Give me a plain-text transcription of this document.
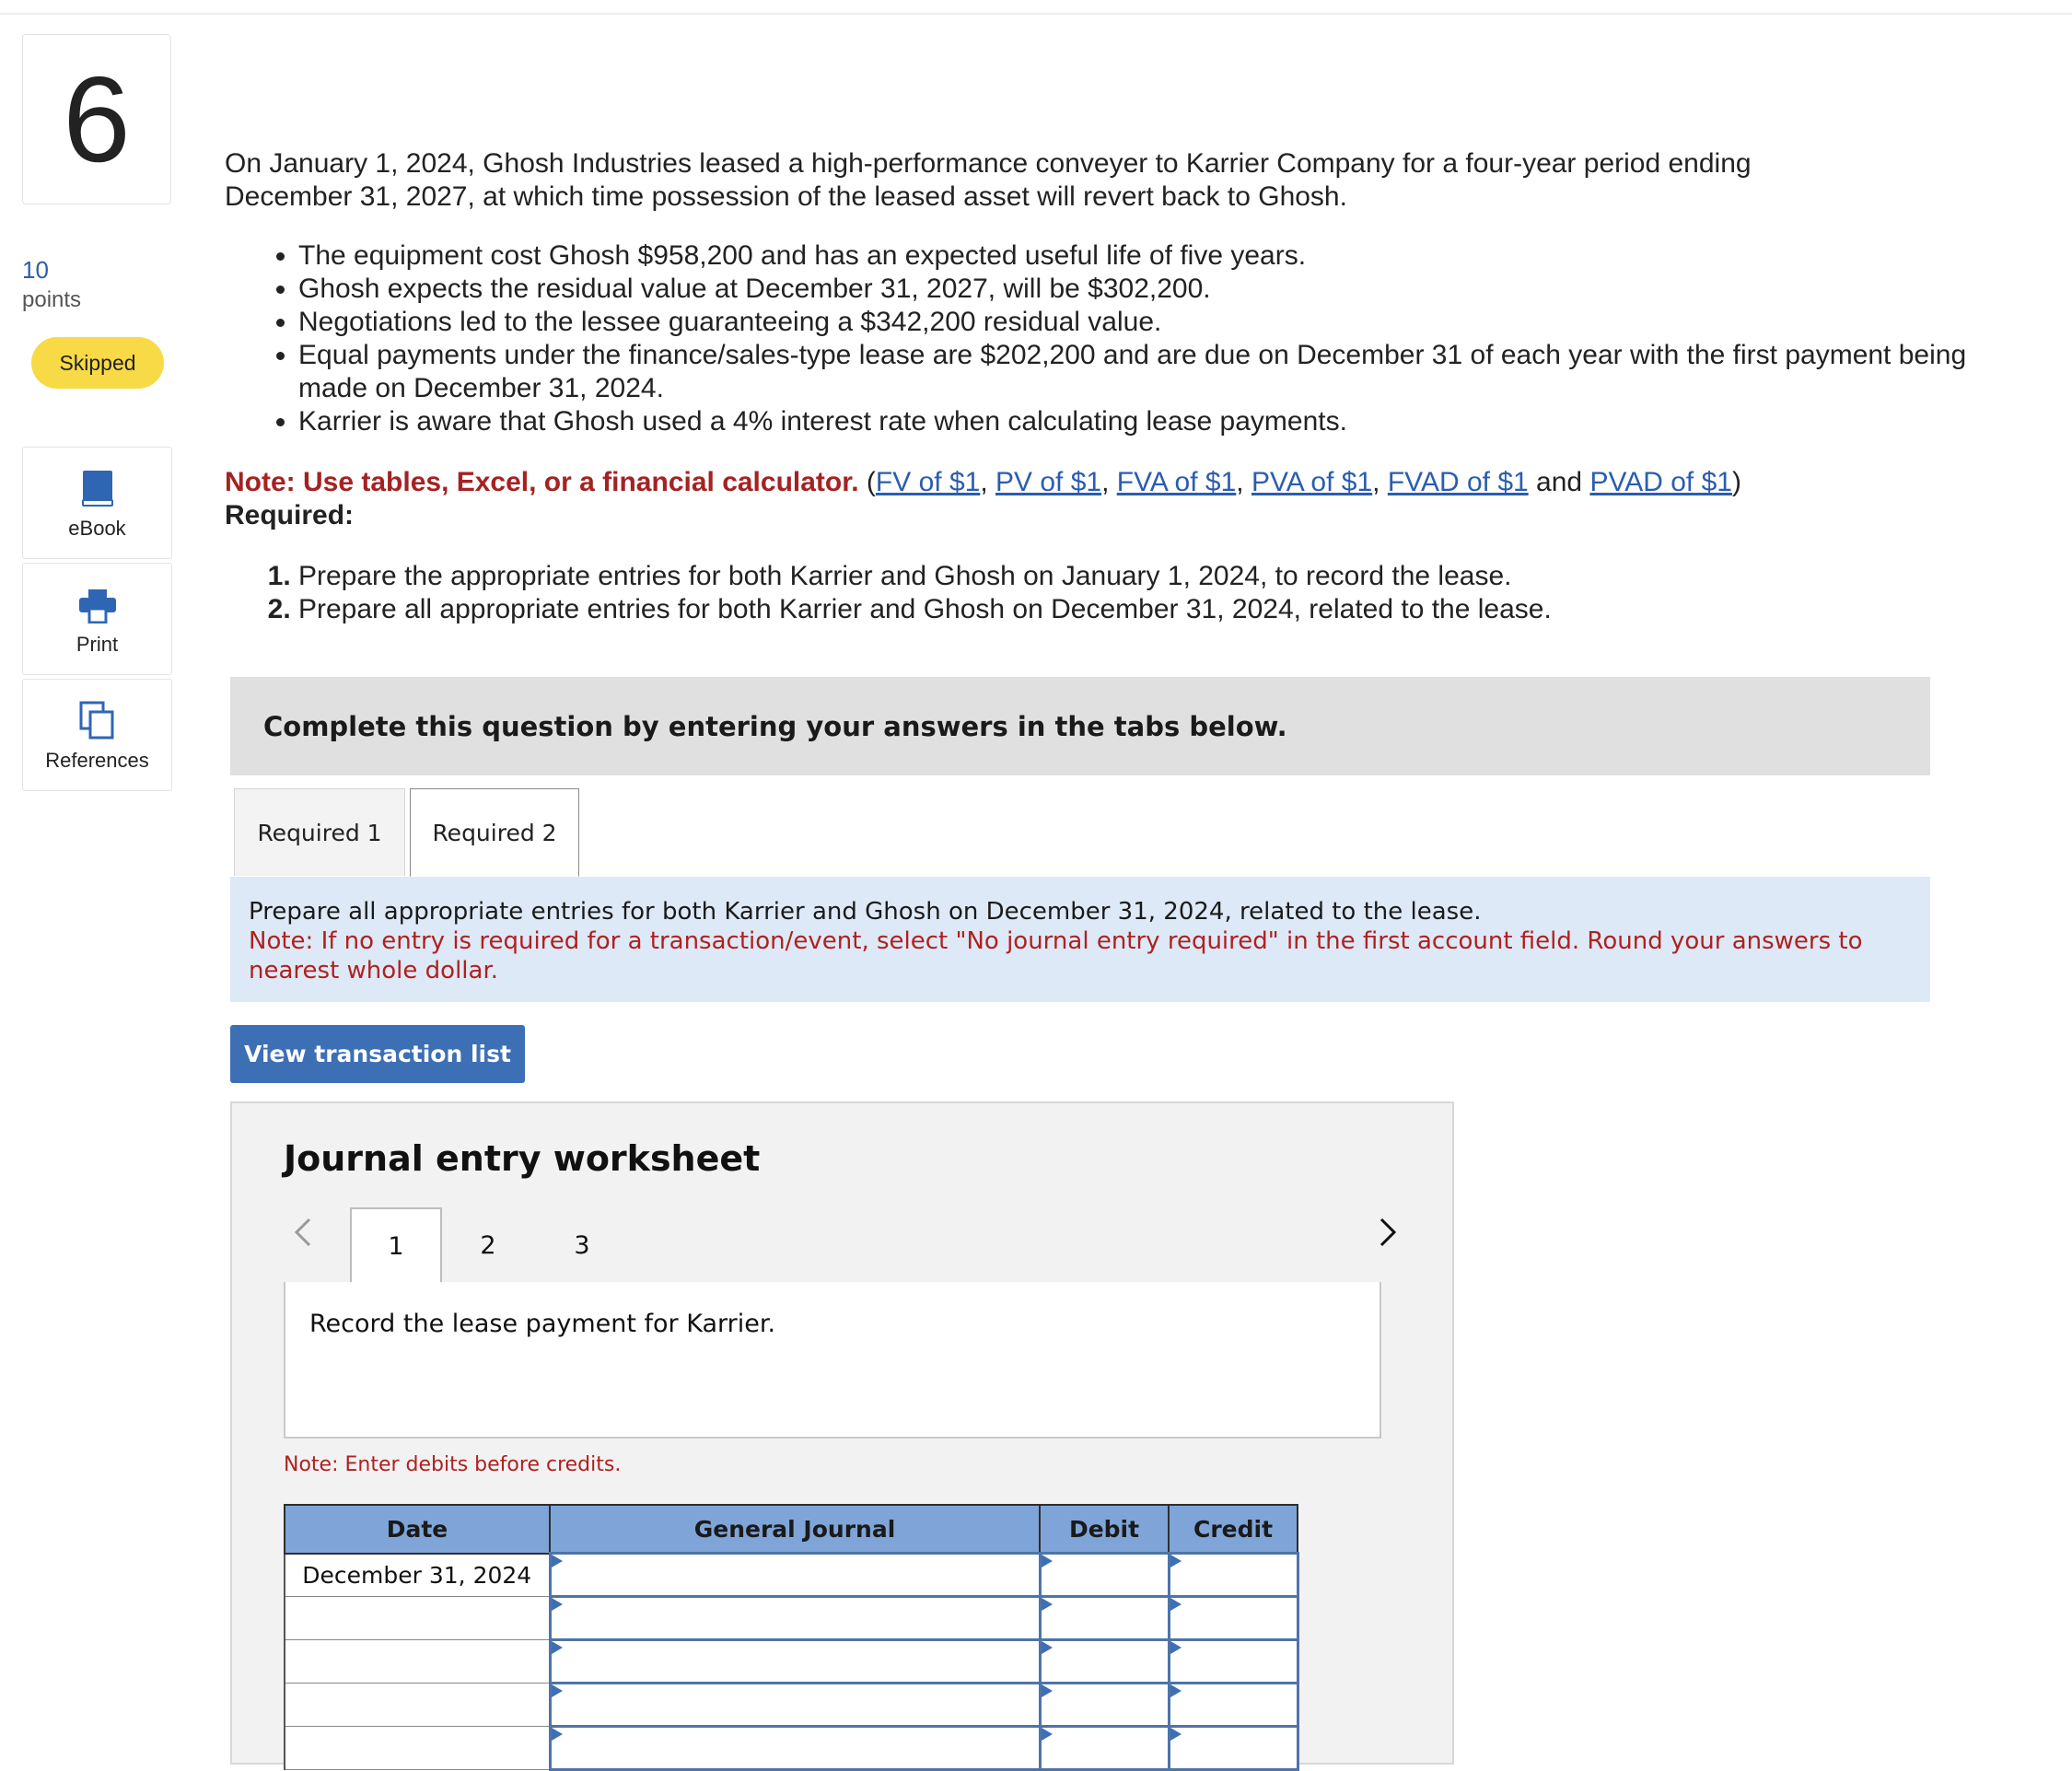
6
10
points
Skipped
eBook
Print
References

On January 1, 2024, Ghosh Industries leased a high-performance conveyer to Karrier Company for a four-year period ending December 31, 2027, at which time possession of the leased asset will revert back to Ghosh.

• The equipment cost Ghosh $958,200 and has an expected useful life of five years.
• Ghosh expects the residual value at December 31, 2027, will be $302,200.
• Negotiations led to the lessee guaranteeing a $342,200 residual value.
• Equal payments under the finance/sales-type lease are $202,200 and are due on December 31 of each year with the first payment being made on December 31, 2024.
• Karrier is aware that Ghosh used a 4% interest rate when calculating lease payments.
Note: Use tables, Excel, or a financial calculator. (FV of $1, PV of $1, FVA of $1, PVA of $1, FVAD of $1 and PVAD of $1)
Required:
1. Prepare the appropriate entries for both Karrier and Ghosh on January 1, 2024, to record the lease.
2. Prepare all appropriate entries for both Karrier and Ghosh on December 31, 2024, related to the lease.
Complete this question by entering your answers in the tabs below.
Required 1	Required 2
Prepare all appropriate entries for both Karrier and Ghosh on December 31, 2024, related to the lease.
Note: If no entry is required for a transaction/event, select "No journal entry required" in the first account field. Round your answers to nearest whole dollar.
View transaction list
Journal entry worksheet
1	2	3
Record the lease payment for Karrier.
Note: Enter debits before credits.
Date	General Journal	Debit	Credit
December 31, 2024			
